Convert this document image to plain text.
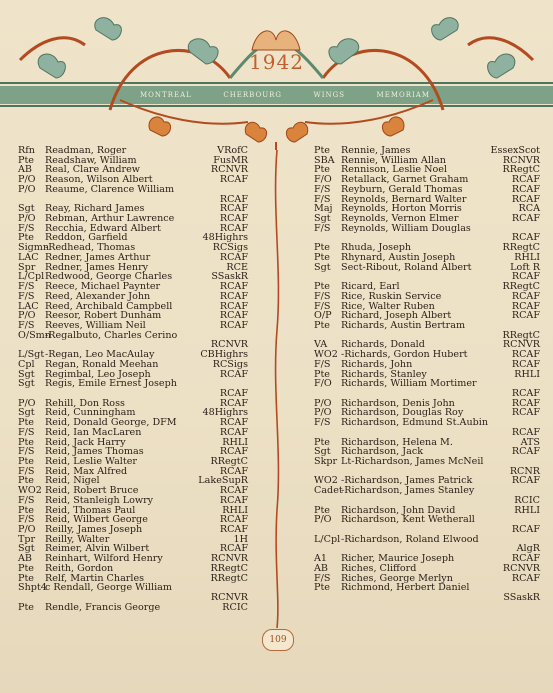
1942
MONTREAL	CHERBOURG	WINGS	MEMORIAM
Rfn	Readman, Roger	VRofC
Pte	Readshaw, William	FusMR
AB	Real, Clare Andrew	RCNVR
P/O Reason, Wilson Albert	RCAF
P/O Reaume, Clarence William
RCAF
Sgt	Reay, Richard James	RCAF
P/O Rebman, Arthur Lawrence	RCAF
F/S	Recchia, Edward Albert	RCAF
Pte	Reddon, Garfield	48Highrs
Sigmn
-Redhead, Thomas	RCSigs
LAC Redner, James Arthur	RCAF
Spr	Redner, James Henry	RCE
L/Cpl Redwood, George Charles	SSaskR
F/S	Reece, Michael Paynter	RCAF
F/S	Reed, Alexander John	RCAF
LAC Reed, Archibald Campbell	RCAF
P/O Reesor, Robert Dunham	RCAF
F/S	Reeves, William Neil	RCAF
O/Smn
-Regalbuto, Charles Cerino
RCNVR
L/Sgt -Regan, Leo MacAulay	CBHighrs
Cpl	Regan, Ronald Meehan	RCSigs
Sgt	Regimbal, Leo Joseph	RCAF
Sgt	Regis, Emile Ernest Joseph
RCAF
P/O Rehill, Don Ross	RCAF
Sgt	Reid, Cunningham	48Highrs
Pte	Reid, Donald George, DFM	RCAF
F/S	Reid, Ian MacLaren	RCAF
Pte	Reid, Jack Harry	RHLI
F/S	Reid, James Thomas	RCAF
Pte	Reid, Leslie Walter	RRegtC
F/S	Reid, Max Alfred	RCAF
Pte	Reid, Nigel	LakeSupR
WO2 Reid, Robert Bruce	RCAF
F/S	Reid, Stanleigh Lowry	RCAF
Pte	Reid, Thomas Paul	RHLI
F/S	Reid, Wilbert George	RCAF
P/O Reilly, James Joseph	RCAF
Tpr	Reilly, Walter	1H
Sgt	Reimer, Alvin Wilbert	RCAF
AB	Reinhart, Wilford Henry	RCNVR
Pte	Reith, Gordon	RRegtC
Pte	Relf, Martin Charles	RRegtC
Shpt4
c Rendall, George William
RCNVR
Pte	Rendle, Francis George	RCIC
Pte	Rennie, James	EssexScot
SBA Rennie, William Allan	RCNVR
Pte	Rennison, Leslie Noel	RRegtC
F/O Retallack, Garnet Graham	RCAF
F/S	Reyburn, Gerald Thomas	RCAF
F/S	Reynolds, Bernard Walter	RCAF
Maj Reynolds, Horton Morris	RCA
Sgt	Reynolds, Vernon Elmer	RCAF
F/S	Reynolds, William Douglas
RCAF
Pte	Rhuda, Joseph	RRegtC
Pte	Rhynard, Austin Joseph	RHLI
Sgt	Sect-Ribout, Roland Albert	Loft R
RCAF
Pte	Ricard, Earl	RRegtC
F/S	Rice, Ruskin Service	RCAF
F/S	Rice, Walter Ruben	RCAF
O/P Richard, Joseph Albert	RCAF
Pte	Richards, Austin Bertram
RRegtC
VA	Richards, Donald	RCNVR
WO2 -Richards, Gordon Hubert	RCAF
F/S	Richards, John	RCAF
Pte	Richards, Stanley	RHLI
F/O Richards, William Mortimer
RCAF
P/O Richardson, Denis John	RCAF
P/O Richardson, Douglas Roy	RCAF
F/S	Richardson, Edmund St.Aubin
RCAF
Pte	Richardson, Helena M.	ATS
Sgt	Richardson, Jack	RCAF
Skpr Lt-Richardson, James McNeil
RCNR
WO2 -Richardson, James Patrick	RCAF
Cadet
-Richardson, James Stanley
RCIC
Pte	Richardson, John David	RHLI
P/O Richardson, Kent Wetherall
RCAF
L/Cpl -Richardson, Roland Elwood
AlgR
A1	Richer, Maurice Joseph	RCAF
AB	Riches, Clifford	RCNVR
F/S	Riches, George Merlyn	RCAF
Pte	Richmond, Herbert Daniel
SSaskR
109
